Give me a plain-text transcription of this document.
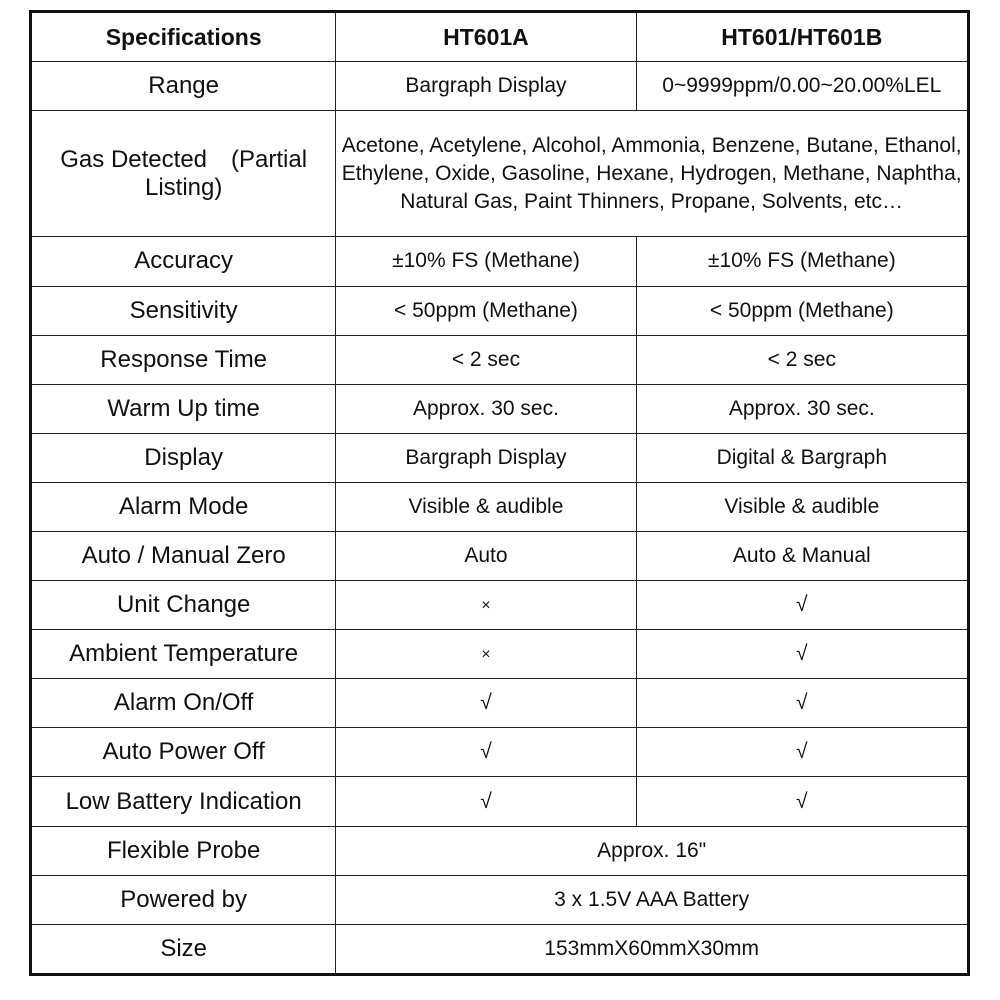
Specifications	HT601A	HT601/HT601B
Range	Bargraph Display	0~9999ppm/0.00~20.00%LEL

Gas Detected　(Partial
Listing)	Acetone, Acetylene, Alcohol, Ammonia, Benzene, Butane, Ethanol, Ethylene, Oxide, Gasoline, Hexane, Hydrogen, Methane, Naphtha, Natural Gas, Paint Thinners, Propane, Solvents, etc…	
Accuracy	±10% FS (Methane)	±10% FS (Methane)
Sensitivity	< 50ppm (Methane)	< 50ppm (Methane)
Response Time	< 2 sec	< 2 sec
Warm Up time	Approx. 30 sec.	Approx. 30 sec.
Display	Bargraph Display	Digital & Bargraph
Alarm Mode	Visible & audible	Visible & audible
Auto / Manual Zero	Auto	Auto & Manual
Unit Change	×	√
Ambient Temperature	×	√
Alarm On/Off	√	√
Auto Power Off	√	√
Low Battery Indication	√	√
Flexible Probe	Approx. 16"	
Powered by	3 x 1.5V AAA Battery	
Size	153mmX60mmX30mm	
